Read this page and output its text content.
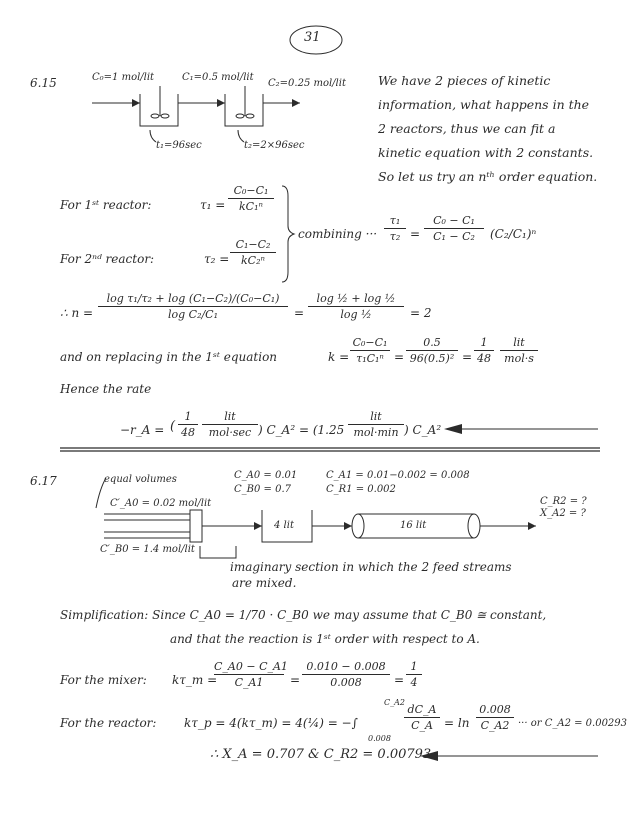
31
6.15	C₀=1 mol/lit	C₁=0.5 mol/lit
C₂=0.25 mol/lit
t₁=96sec	t₂=2×96sec
We have 2 pieces of kinetic
information, what happens in the
2 reactors, thus we can fit a
kinetic equation with 2 constants.
So let us try an nᵗʰ order equation.
For 1ˢᵗ reactor:	τ₁ =
C₀−C₁
kC₁ⁿ
For 2ⁿᵈ reactor:	τ₂ =
C₁−C₂
kC₂ⁿ
combining ···
τ₁
τ₂ =
C₀ − C₁
C₁ − C₂	(C₂/C₁)ⁿ
∴ n =
log τ₁/τ₂ + log (C₁−C₂)/(C₀−C₁)
log C₂/C₁	=
log ½ + log ½
log ½	= 2
and on replacing in the 1ˢᵗ equation	k =
C₀−C₁
τ₁C₁ⁿ =
0.5
96(0.5)² =
1
48
lit
mol·s
Hence the rate
−r_A = (
1
48
lit
mol·sec ) C_A² = (1.25
lit
mol·min ) C_A²
6.17	equal volumes
C′_A0 = 0.02 mol/lit
C′_B0 = 1.4 mol/lit
C_A0 = 0.01
C_B0 = 0.7
C_A1 = 0.01−0.002 = 0.008
C_R1 = 0.002
4 lit	16 lit
C_R2 = ?
X_A2 = ?
imaginary section in which the 2 feed streams
are mixed.
Simplification: Since C_A0 = 1/70 · C_B0 we may assume that C_B0 ≅ constant,
and that the reaction is 1ˢᵗ order with respect to A.
For the mixer: kτ_m =
C_A0 − C_A1
C_A1	=
0.010 − 0.008
0.008	=
1
4
For the reactor: kτ_p = 4(kτ_m) = 4(¼) = −∫
C_A2
0.008
dC_A
C_A = ln
0.008
C_A2 ··· or C_A2 = 0.00293
∴ X_A = 0.707 & C_R2 = 0.00793
